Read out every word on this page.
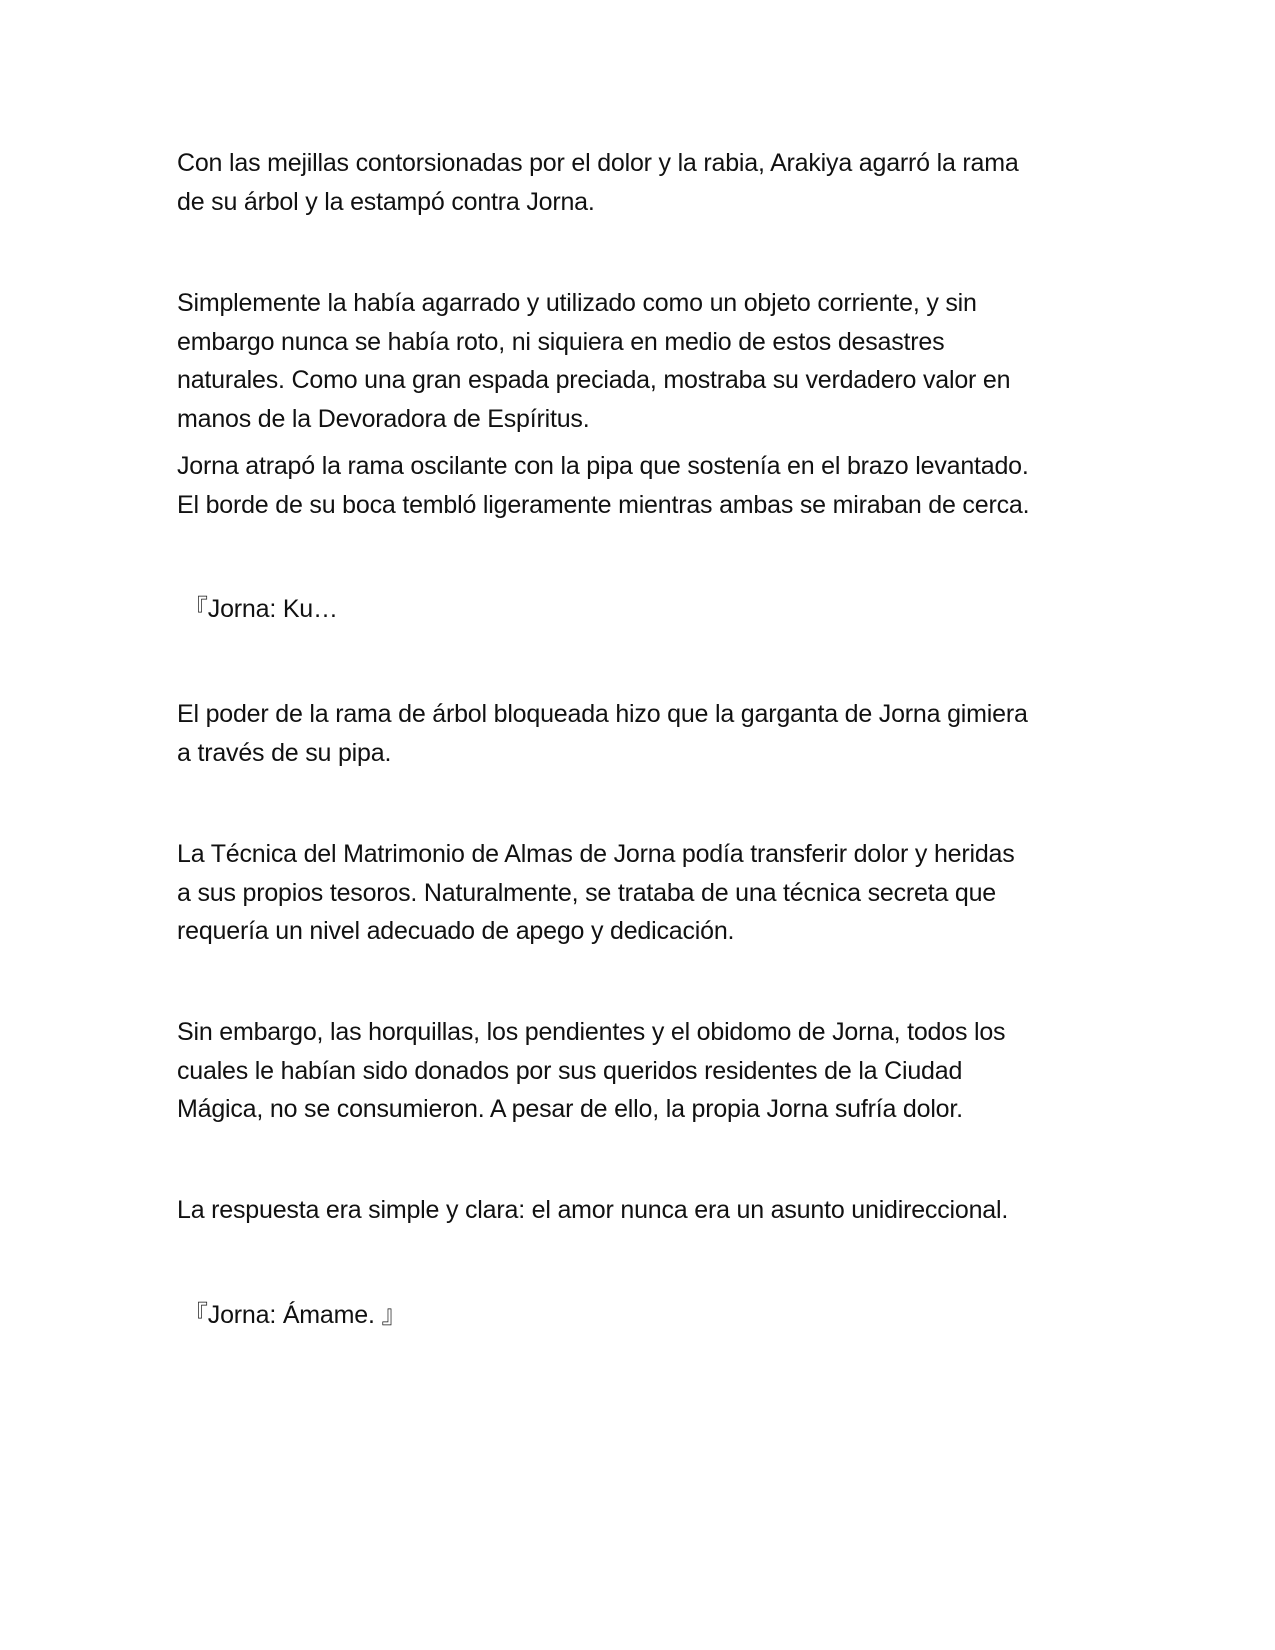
Con las mejillas contorsionadas por el dolor y la rabia, Arakiya agarró la rama
de su árbol y la estampó contra Jorna.

Simplemente la había agarrado y utilizado como un objeto corriente, y sin
embargo nunca se había roto, ni siquiera en medio de estos desastres
naturales. Como una gran espada preciada, mostraba su verdadero valor en
manos de la Devoradora de Espíritus.

Jorna atrapó la rama oscilante con la pipa que sostenía en el brazo levantado.
El borde de su boca tembló ligeramente mientras ambas se miraban de cerca.

『Jorna: Ku…

El poder de la rama de árbol bloqueada hizo que la garganta de Jorna gimiera
a través de su pipa.

La Técnica del Matrimonio de Almas de Jorna podía transferir dolor y heridas
a sus propios tesoros. Naturalmente, se trataba de una técnica secreta que
requería un nivel adecuado de apego y dedicación.

Sin embargo, las horquillas, los pendientes y el obidomo de Jorna, todos los
cuales le habían sido donados por sus queridos residentes de la Ciudad
Mágica, no se consumieron. A pesar de ello, la propia Jorna sufría dolor.

La respuesta era simple y clara: el amor nunca era un asunto unidireccional.

『Jorna: Ámame. 』
